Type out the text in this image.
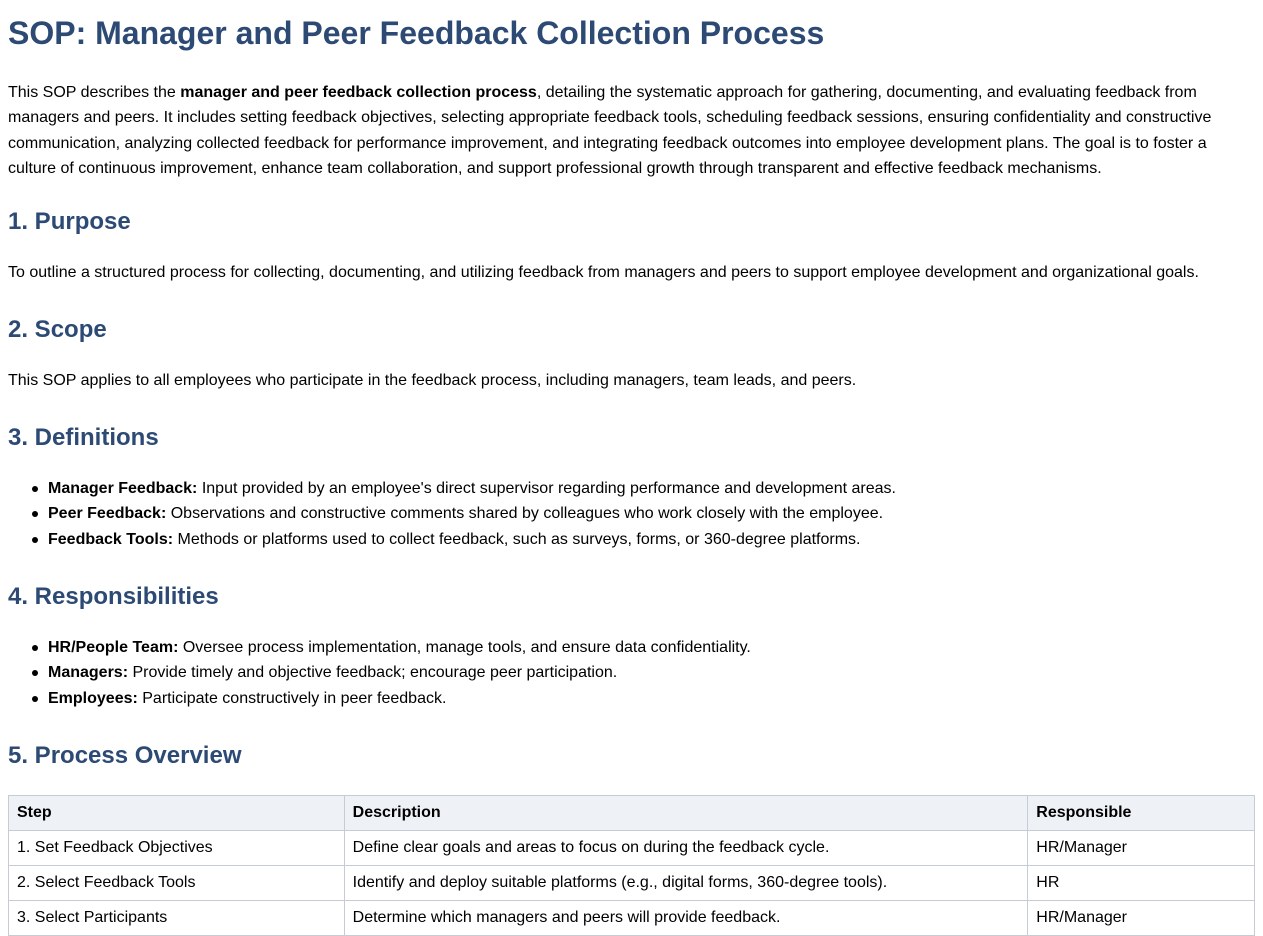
SOP: Manager and Peer Feedback Collection Process

This SOP describes the manager and peer feedback collection process, detailing the systematic approach for gathering, documenting, and evaluating feedback from managers and peers. It includes setting feedback objectives, selecting appropriate feedback tools, scheduling feedback sessions, ensuring confidentiality and constructive communication, analyzing collected feedback for performance improvement, and integrating feedback outcomes into employee development plans. The goal is to foster a culture of continuous improvement, enhance team collaboration, and support professional growth through transparent and effective feedback mechanisms.

1. Purpose

To outline a structured process for collecting, documenting, and utilizing feedback from managers and peers to support employee development and organizational goals.

2. Scope

This SOP applies to all employees who participate in the feedback process, including managers, team leads, and peers.

3. Definitions
Manager Feedback: Input provided by an employee's direct supervisor regarding performance and development areas.
Peer Feedback: Observations and constructive comments shared by colleagues who work closely with the employee.
Feedback Tools: Methods or platforms used to collect feedback, such as surveys, forms, or 360-degree platforms.
4. Responsibilities
HR/People Team: Oversee process implementation, manage tools, and ensure data confidentiality.
Managers: Provide timely and objective feedback; encourage peer participation.
Employees: Participate constructively in peer feedback.
5. Process Overview
Step	Description	Responsible
1. Set Feedback Objectives	Define clear goals and areas to focus on during the feedback cycle.	HR/Manager
2. Select Feedback Tools	Identify and deploy suitable platforms (e.g., digital forms, 360-degree tools).	HR
3. Select Participants	Determine which managers and peers will provide feedback.	HR/Manager
